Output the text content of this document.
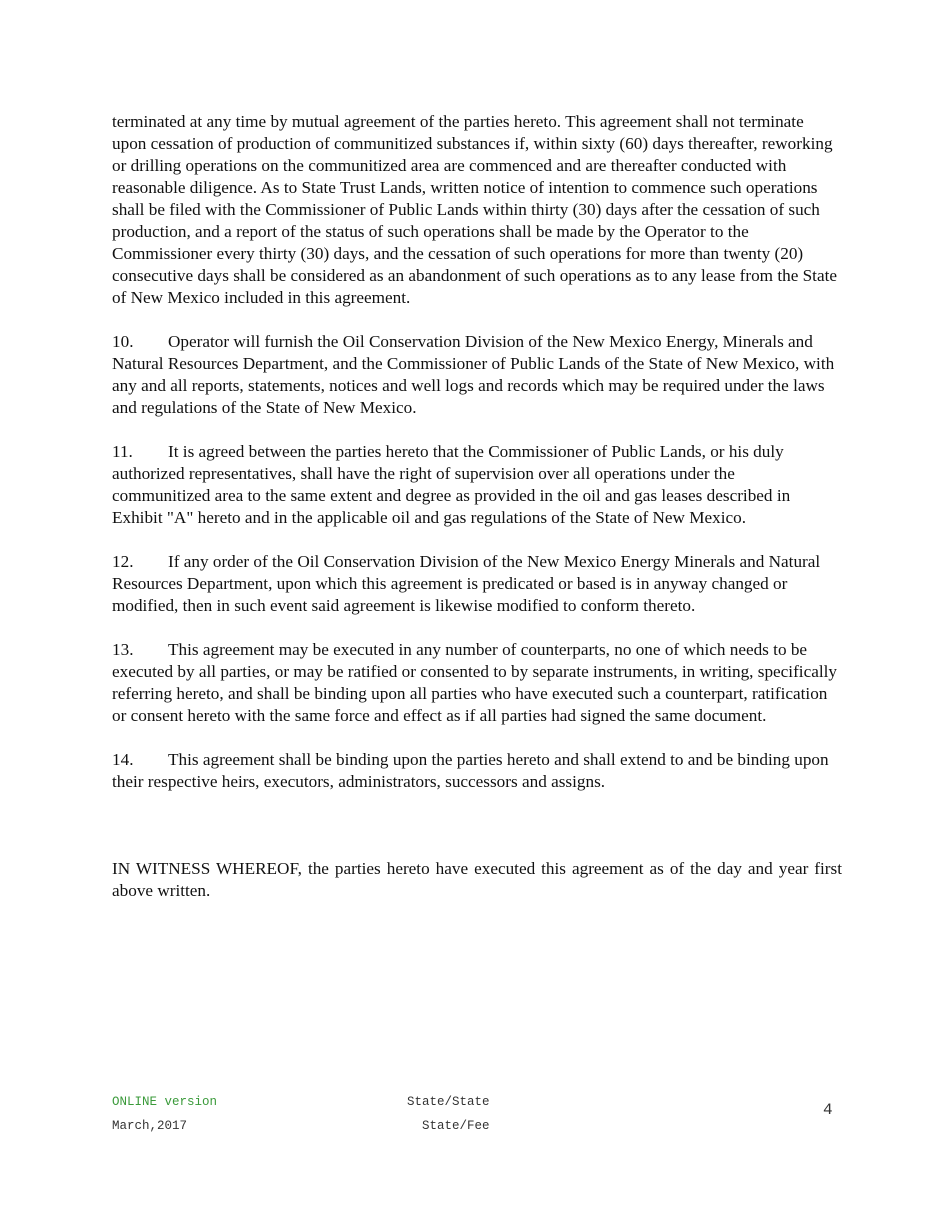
terminated at any time by mutual agreement of the parties hereto. This agreement shall not terminate upon cessation of production of communitized substances if, within sixty (60) days thereafter, reworking or drilling operations on the communitized area are commenced and are thereafter conducted with reasonable diligence. As to State Trust Lands, written notice of intention to commence such operations shall be filed with the Commissioner of Public Lands within thirty (30) days after the cessation of such production, and a report of the status of such operations shall be made by the Operator to the Commissioner every thirty (30) days, and the cessation of such operations for more than twenty (20) consecutive days shall be considered as an abandonment of such operations as to any lease from the State of New Mexico included in this agreement.

10. Operator will furnish the Oil Conservation Division of the New Mexico Energy, Minerals and Natural Resources Department, and the Commissioner of Public Lands of the State of New Mexico, with any and all reports, statements, notices and well logs and records which may be required under the laws and regulations of the State of New Mexico.

11. It is agreed between the parties hereto that the Commissioner of Public Lands, or his duly authorized representatives, shall have the right of supervision over all operations under the communitized area to the same extent and degree as provided in the oil and gas leases described in Exhibit "A" hereto and in the applicable oil and gas regulations of the State of New Mexico.

12. If any order of the Oil Conservation Division of the New Mexico Energy Minerals and Natural Resources Department, upon which this agreement is predicated or based is in anyway changed or modified, then in such event said agreement is likewise modified to conform thereto.

13. This agreement may be executed in any number of counterparts, no one of which needs to be executed by all parties, or may be ratified or consented to by separate instruments, in writing, specifically referring hereto, and shall be binding upon all parties who have executed such a counterpart, ratification or consent hereto with the same force and effect as if all parties had signed the same document.

14. This agreement shall be binding upon the parties hereto and shall extend to and be binding upon their respective heirs, executors, administrators, successors and assigns.

IN WITNESS WHEREOF, the parties hereto have executed this agreement as of the day and year first above written.
ONLINE version
March,2017
State/State
State/Fee
4
